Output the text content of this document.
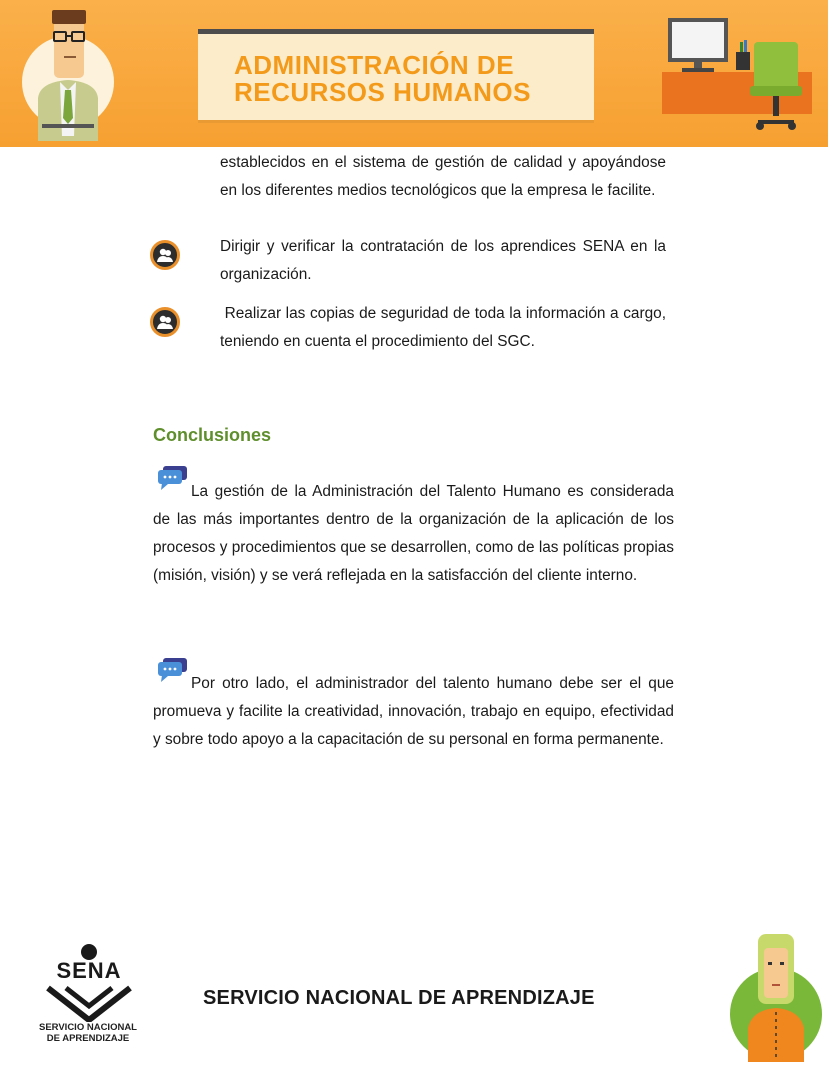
ADMINISTRACIÓN DE
RECURSOS HUMANOS
establecidos en el sistema de gestión de calidad y apoyándose en los diferentes medios tecnológicos que la empresa le facilite.
Dirigir y verificar la contratación de los aprendices SENA en la organización.
Realizar las copias de seguridad de toda la información a cargo, teniendo en cuenta el procedimiento del SGC.
Conclusiones
La gestión de la Administración del Talento Humano es considerada de las más importantes dentro de la organización de la aplicación de los procesos y procedimientos que se desarrollen, como de las políticas propias (misión, visión) y se verá reflejada en la satisfacción del cliente interno.
Por otro lado, el administrador del talento humano debe ser el que promueva y facilite la creatividad, innovación, trabajo en equipo, efectividad y sobre todo apoyo a la capacitación de su personal en forma permanente.
SENA
SERVICIO NACIONAL
DE APRENDIZAJE
SERVICIO NACIONAL DE APRENDIZAJE
